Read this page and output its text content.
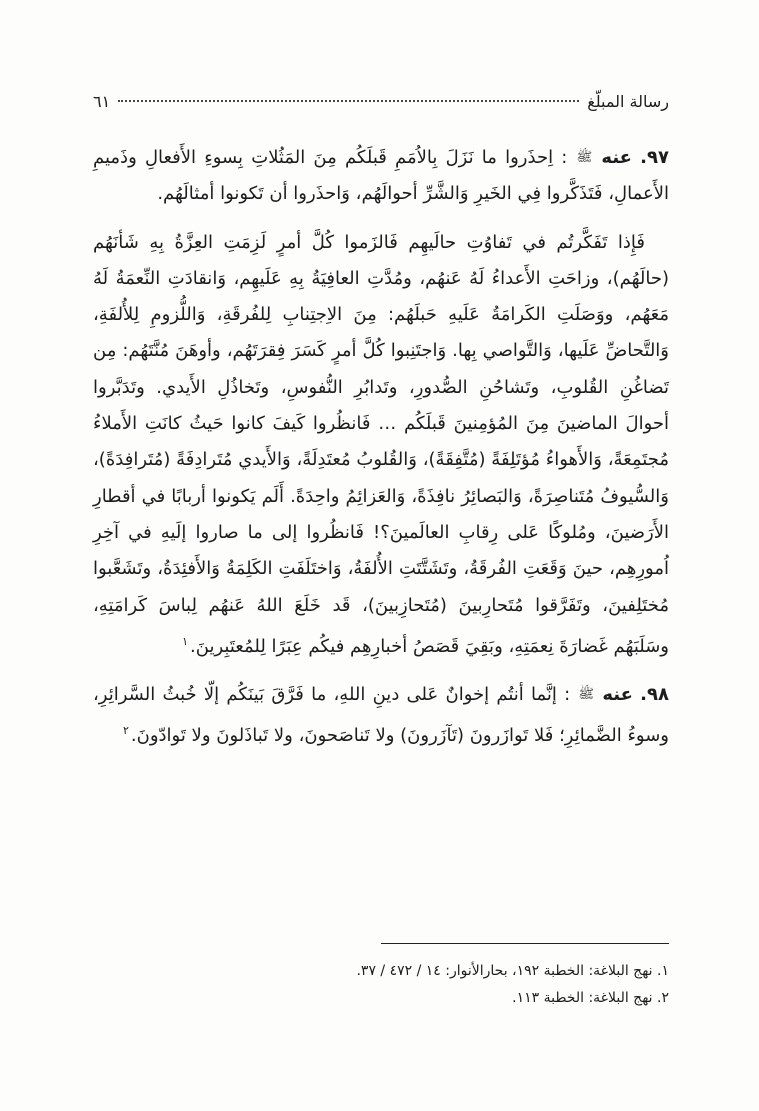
رسالة المبلّغ
٦١

٩٧. عنه ﷺ : اِحذَروا ما نَزَلَ بِالاُمَمِ قَبلَكُم مِنَ المَثُلاتِ بِسوءِ الأَفعالِ وذَميمِ الأَعمالِ، فَتَذَكَّروا فِي الخَيرِ وَالشَّرِّ أحوالَهُم، وَاحذَروا أن تَكونوا أمثالَهُم.

فَإِذا تَفَكَّرتُم في تَفاوُتِ حالَيهِم فَالزَموا كُلَّ أمرٍ لَزِمَتِ العِزَّةُ بِهِ شَأنَهُم (حالَهُم)، وزاحَتِ الأَعداءُ لَهُ عَنهُم، ومُدَّتِ العافِيَةُ بِهِ عَلَيهِم، وَانقادَتِ النِّعمَةُ لَهُ مَعَهُم، ووَصَلَتِ الكَرامَةُ عَلَيهِ حَبلَهُم: مِنَ الاِجتِنابِ لِلفُرقَةِ، وَاللُّزومِ لِلأُلفَةِ، وَالتَّحاضِّ عَلَيها، وَالتَّواصي بِها. وَاجتَنِبوا كُلَّ أمرٍ كَسَرَ فِقرَتَهُم، وأوهَنَ مُنَّتَهُم: مِن تَضاغُنِ القُلوبِ، وتَشاحُنِ الصُّدورِ، وتَدابُرِ النُّفوسِ، وتَخاذُلِ الأَيدي. وتَدَبَّروا أحوالَ الماضينَ مِنَ المُؤمِنينَ قَبلَكُم … فَانظُروا كَيفَ كانوا حَيثُ كانَتِ الأَملاءُ مُجتَمِعَةً، وَالأَهواءُ مُؤتَلِفَةً (مُتَّفِقَةً)، وَالقُلوبُ مُعتَدِلَةً، وَالأَيدي مُتَرادِفَةً (مُتَرافِدَةً)، وَالسُّيوفُ مُتَناصِرَةً، وَالبَصائِرُ نافِذَةً، وَالعَزائِمُ واحِدَةً. أَلَم يَكونوا أربابًا في أقطارِ الأَرَضينَ، ومُلوكًا عَلى رِقابِ العالَمينَ؟! فَانظُروا إلى ما صاروا إلَيهِ في آخِرِ اُمورِهِم، حينَ وَقَعَتِ الفُرقَةُ، وتَشَتَّتَتِ الأُلفَةُ، وَاختَلَفَتِ الكَلِمَةُ وَالأَفئِدَةُ، وتَشَعَّبوا مُختَلِفينَ، وتَفَرَّقوا مُتَحارِبينَ (مُتَحازِبينَ)، قَد خَلَعَ اللهُ عَنهُم لِباسَ كَرامَتِهِ، وسَلَبَهُم غَضارَةَ نِعمَتِهِ، وبَقِيَ قَصَصُ أخبارِهِم فيكُم عِبَرًا لِلمُعتَبِرينَ.$^١$

٩٨. عنه ﷺ : إنَّما أنتُم إخوانٌ عَلى دينِ اللهِ، ما فَرَّقَ بَينَكُم إلّا خُبثُ السَّرائِرِ، وسوءُ الضَّمائِرِ؛ فَلا تَوازَرونَ (تَآزَرونَ) ولا تَناصَحونَ، ولا تَباذَلونَ ولا تَوادّونَ.$^٢$

١. نهج البلاغة: الخطبة ١٩٢، بحارالأنوار: ١٤ / ٤٧٢ / ٣٧.
٢. نهج البلاغة: الخطبة ١١٣.
